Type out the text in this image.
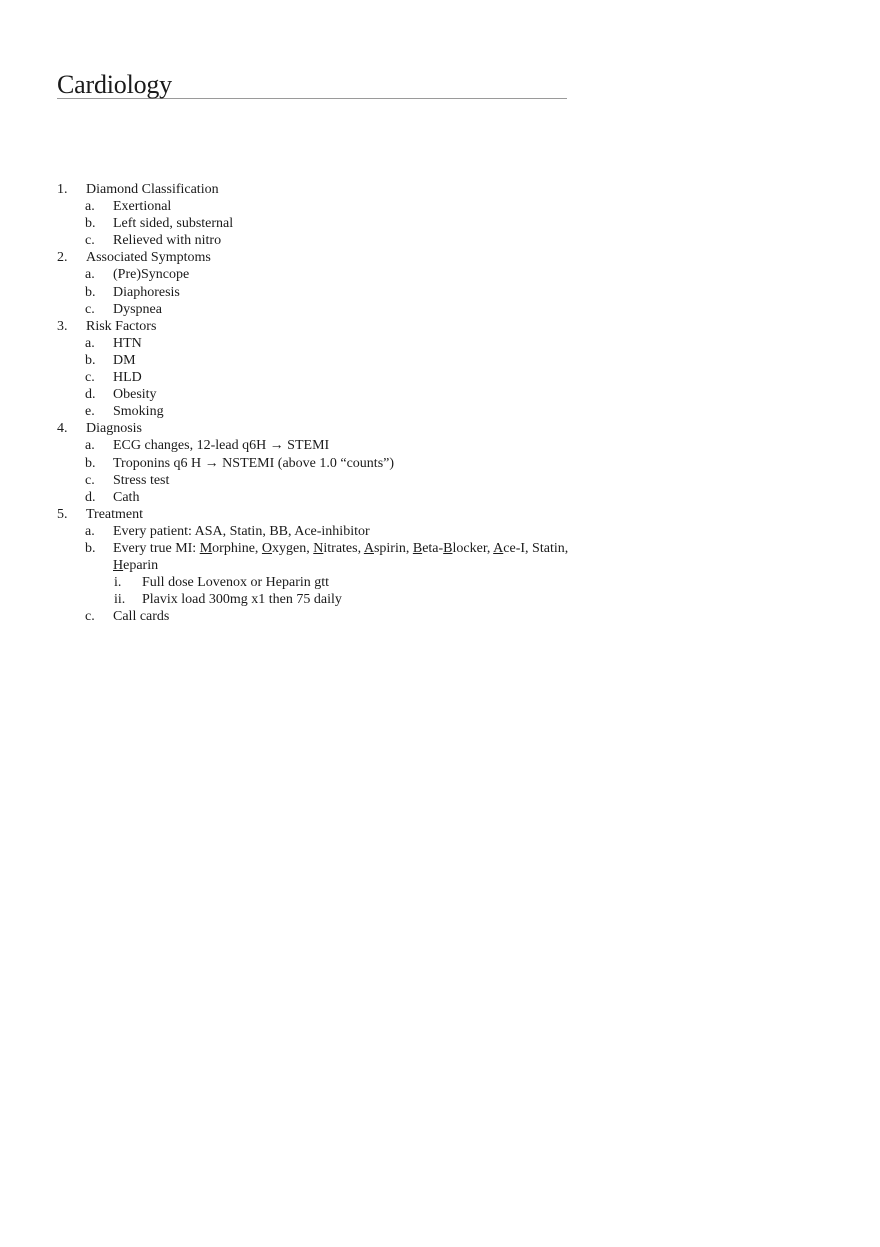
Cardiology
1. Diamond Classification
a. Exertional
b. Left sided, substernal
c. Relieved with nitro
2. Associated Symptoms
a. (Pre)Syncope
b. Diaphoresis
c. Dyspnea
3. Risk Factors
a. HTN
b. DM
c. HLD
d. Obesity
e. Smoking
4. Diagnosis
a. ECG changes, 12-lead q6H → STEMI
b. Troponins q6 H → NSTEMI (above 1.0 “counts”)
c. Stress test
d. Cath
5. Treatment
a. Every patient: ASA, Statin, BB, Ace-inhibitor
b. Every true MI: Morphine, Oxygen, Nitrates, Aspirin, Beta-Blocker, Ace-I, Statin, Heparin
i. Full dose Lovenox or Heparin gtt
ii. Plavix load 300mg x1 then 75 daily
c. Call cards
